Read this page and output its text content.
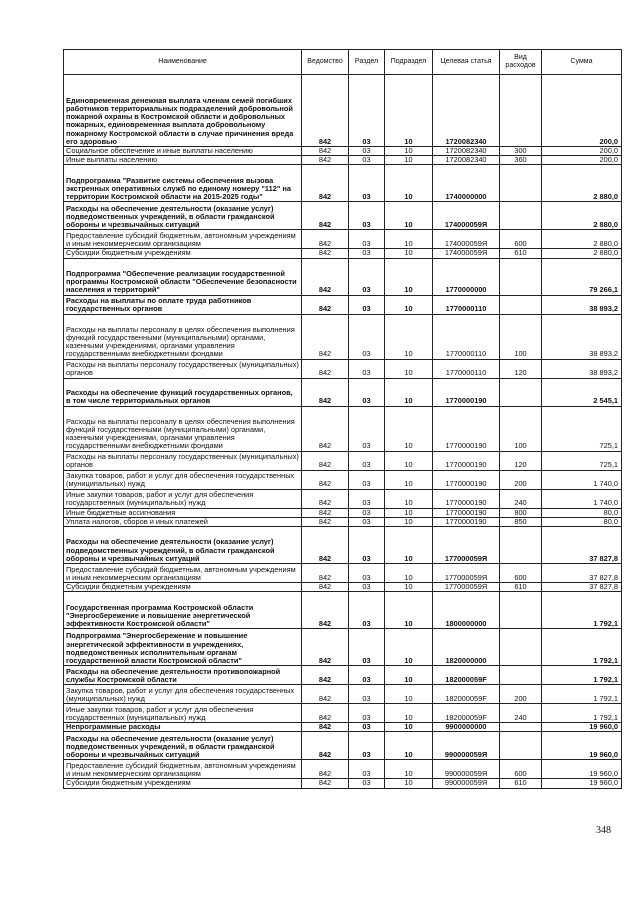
Наименование	Ведомство	Раздел	Подраздел	Целевая статья	Вид расходов	Сумма
Единовременная денежная выплата членам семей погибших работников территориальных подразделений добровольной пожарной охраны в Костромской области и добровольных пожарных, единовременная выплата добровольному пожарному Костромской области в случае причинения вреда его здоровью	842	03	10	1720082340		200,0
Социальное обеспечение и иные выплаты населению	842	03	10	1720082340	300	200,0
Иные выплаты населению	842	03	10	1720082340	360	200,0
Подпрограмма "Развитие системы обеспечения вызова экстренных оперативных служб по единому номеру "112" на территории Костромской области на 2015-2025 годы"	842	03	10	1740000000		2 880,0
Расходы на обеспечение деятельности (оказание услуг) подведомственных учреждений, в области гражданской обороны и чрезвычайных ситуаций	842	03	10	174000059Я		2 880,0
Предоставление субсидий бюджетным, автономным учреждениям и иным некоммерческим организациям	842	03	10	174000059Я	600	2 880,0
Субсидии бюджетным учреждениям	842	03	10	174000059Я	610	2 880,0
Подпрограмма "Обеспечение реализации государственной программы Костромской области "Обеспечение безопасности населения и территорий"	842	03	10	1770000000		79 266,1
Расходы на выплаты по оплате труда работников государственных органов	842	03	10	1770000110		38 893,2
Расходы на выплаты персоналу в целях обеспечения выполнения функций государственными (муниципальными) органами, казенными учреждениями, органами управления государственными внебюджетными фондами	842	03	10	1770000110	100	38 893,2
Расходы на выплаты персоналу государственных (муниципальных) органов	842	03	10	1770000110	120	38 893,2
Расходы на обеспечение функций государственных органов, в том числе территориальных органов	842	03	10	1770000190		2 545,1
Расходы на выплаты персоналу в целях обеспечения выполнения функций государственными (муниципальными) органами, казенными учреждениями, органами управления государственными внебюджетными фондами	842	03	10	1770000190	100	725,1
Расходы на выплаты персоналу государственных (муниципальных) органов	842	03	10	1770000190	120	725,1
Закупка товаров, работ и услуг для обеспечения государственных (муниципальных) нужд	842	03	10	1770000190	200	1 740,0
Иные закупки товаров, работ и услуг для обеспечения государственных (муниципальных) нужд	842	03	10	1770000190	240	1 740,0
Иные бюджетные ассигнования	842	03	10	1770000190	800	80,0
Уплата налогов, сборов и иных платежей	842	03	10	1770000190	850	80,0
Расходы на обеспечение деятельности (оказание услуг) подведомственных учреждений, в области гражданской обороны и чрезвычайных ситуаций	842	03	10	177000059Я		37 827,8
Предоставление субсидий бюджетным, автономным учреждениям и иным некоммерческим организациям	842	03	10	177000059Я	600	37 827,8
Субсидии бюджетным учреждениям	842	03	10	177000059Я	610	37 827,8
Государственная программа Костромской области "Энергосбережение и повышение энергетической эффективности Костромской области"	842	03	10	1800000000		1 792,1
Подпрограмма "Энергосбережение и повышение энергетической эффективности в учреждениях, подведомственных исполнительным органам государственной власти Костромской области"	842	03	10	1820000000		1 792,1
Расходы на обеспечение деятельности противопожарной службы Костромской области	842	03	10	182000059F		1 792,1
Закупка товаров, работ и услуг для обеспечения государственных (муниципальных) нужд	842	03	10	182000059F	200	1 792,1
Иные закупки товаров, работ и услуг для обеспечения государственных (муниципальных) нужд	842	03	10	182000059F	240	1 792,1
Непрограммные расходы	842	03	10	9900000000		19 960,0
Расходы на обеспечение деятельности (оказание услуг) подведомственных учреждений, в области гражданской обороны и чрезвычайных ситуаций	842	03	10	990000059Я		19 960,0
Предоставление субсидий бюджетным, автономным учреждениям и иным некоммерческим организациям	842	03	10	990000059Я	600	19 960,0
Субсидии бюджетным учреждениям	842	03	10	990000059Я	610	19 960,0
348
